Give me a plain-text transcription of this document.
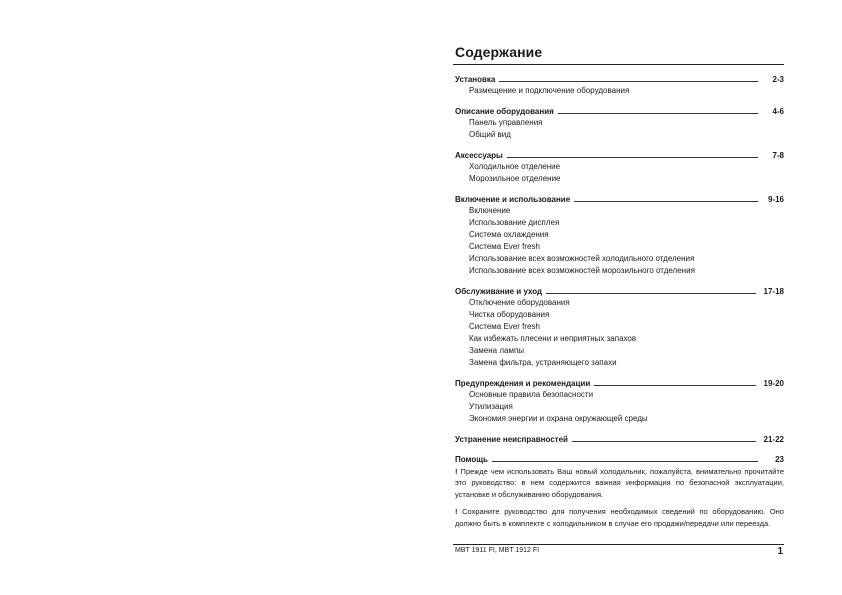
Содержание
Установка	2-3
Размещение и подключение оборудования
Описание оборудования	4-6
Панель управления
Общий вид
Аксессуары	7-8
Холодильное отделение
Морозильное отделение
Включение и использование	9-16
Включение
Использование дисплея
Система охлаждения
Система Ever fresh
Использование всех возможностей холодильного отделения
Использование всех возможностей морозильного отделения
Обслуживание и уход	17-18
Отключение оборудования
Чистка оборудования
Система Ever fresh
Как избежать плесени и неприятных запахов
Замена лампы
Замена фильтра, устраняющего запахи
Предупреждения и рекомендации	19-20
Основные правила безопасности
Утилизация
Экономия энергии и охрана окружающей среды
Устранение неисправностей	21-22
Помощь	23

! Прежде чем использовать Ваш новый холодильник, пожалуйста, внимательно прочитайте это руководство: в нем содержится важная информация по безопасной эксплуатации, установке и обслуживанию оборудования.

! Сохраните руководство для получения необходимых сведений по оборудованию. Оно должно быть в комплекте с холодильником в случае его продажи/передачи или переезда.

MBT 1911 FI, MBT 1912 FI	1
